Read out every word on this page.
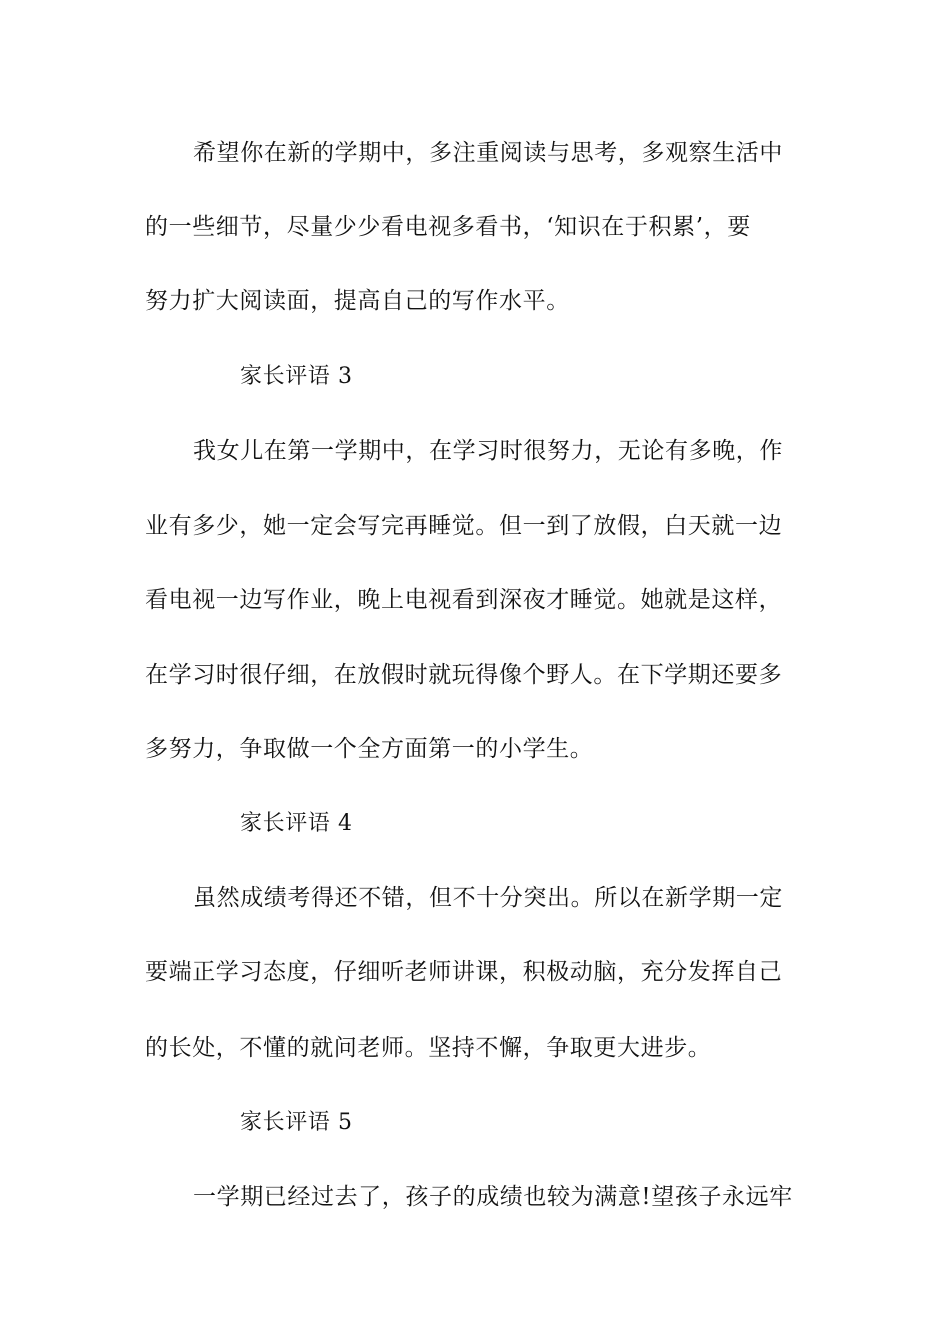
希望你在新的学期中，多注重阅读与思考，多观察生活中
的一些细节，尽量少少看电视多看书，‘知识在于积累’，要
努力扩大阅读面，提高自己的写作水平。
家长评语 3
我女儿在第一学期中，在学习时很努力，无论有多晚，作
业有多少，她一定会写完再睡觉。但一到了放假，白天就一边
看电视一边写作业，晚上电视看到深夜才睡觉。她就是这样，
在学习时很仔细，在放假时就玩得像个野人。在下学期还要多
多努力，争取做一个全方面第一的小学生。
家长评语 4
虽然成绩考得还不错，但不十分突出。所以在新学期一定
要端正学习态度，仔细听老师讲课，积极动脑，充分发挥自己
的长处，不懂的就问老师。坚持不懈，争取更大进步。
家长评语 5
一学期已经过去了，孩子的成绩也较为满意!望孩子永远牢
